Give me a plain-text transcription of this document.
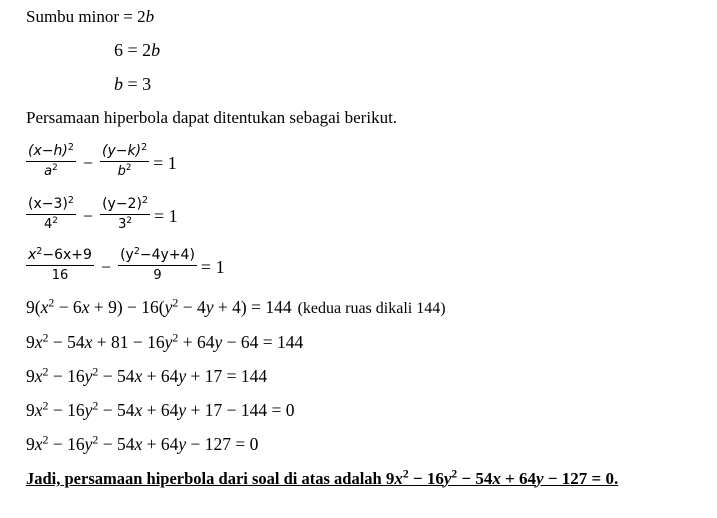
Sumbu minor = 2b
6 = 2b
b = 3
Persamaan hiperbola dapat ditentukan sebagai berikut.
$\frac{(x-h)^2}{a^2} - \frac{(y-k)^2}{b^2} = 1$
$\frac{(x-3)^2}{4^2} - \frac{(y-2)^2}{3^2} = 1$
$\frac{x^2-6x+9}{16} - \frac{(y^2-4y+4)}{9} = 1$
$9(x^2 - 6x + 9) - 16(y^2 - 4y + 4) = 144$ (kedua ruas dikali 144)
$9x^2 - 54x + 81 - 16y^2 + 64y - 64 = 144$
$9x^2 - 16y^2 - 54x + 64y + 17 = 144$
$9x^2 - 16y^2 - 54x + 64y + 17 - 144 = 0$
$9x^2 - 16y^2 - 54x + 64y - 127 = 0$
Jadi, persamaan hiperbola dari soal di atas adalah $9x^2 - 16y^2 - 54x + 64y - 127 = 0$.
